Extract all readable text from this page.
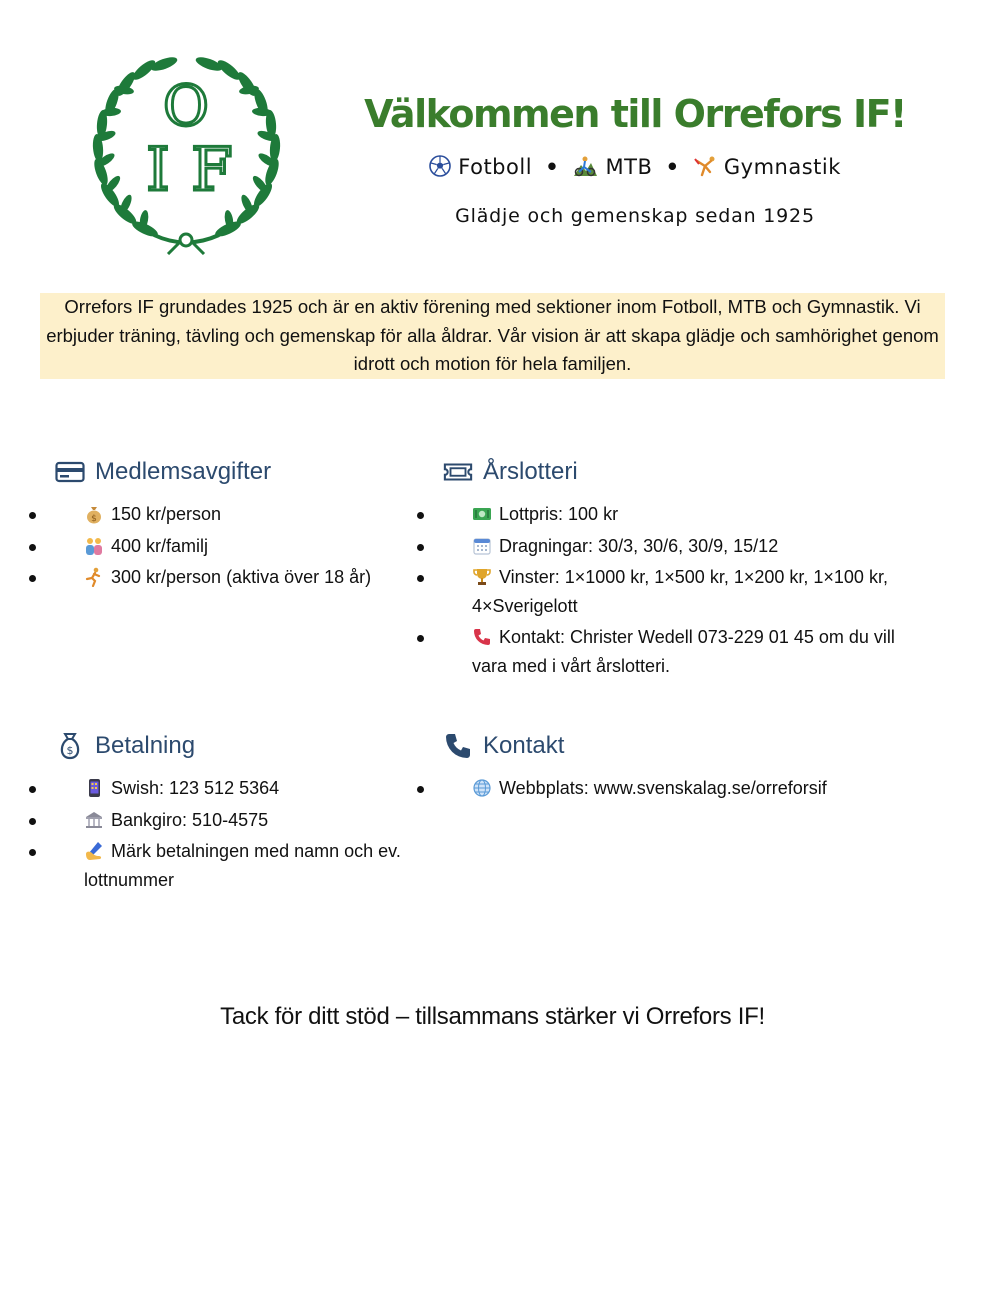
O
I F
Välkommen till Orrefors IF!
Fotboll • MTB • Gymnastik
Glädje och gemenskap sedan 1925
Orrefors IF grundades 1925 och är en aktiv förening med sektioner inom Fotboll, MTB och Gymnastik. Vi erbjuder träning, tävling och gemenskap för alla åldrar. Vår vision är att skapa glädje och samhörighet genom idrott och motion för hela familjen.
Medlemsavgifter
$ 150 kr/person
400 kr/familj
300 kr/person (aktiva över 18 år)
Årslotteri
Lottpris: 100 kr
Dragningar: 30/3, 30/6, 30/9, 15/12
Vinster: 1×1000 kr, 1×500 kr, 1×200 kr, 1×100 kr, 4×Sverigelott
Kontakt: Christer Wedell 073-229 01 45 om du vill vara med i vårt årslotteri.
$ Betalning
Swish: 123 512 5364
Bankgiro: 510-4575
Märk betalningen med namn och ev. lottnummer
Kontakt
Webbplats: www.svenskalag.se/orreforsif
Tack för ditt stöd – tillsammans stärker vi Orrefors IF!
